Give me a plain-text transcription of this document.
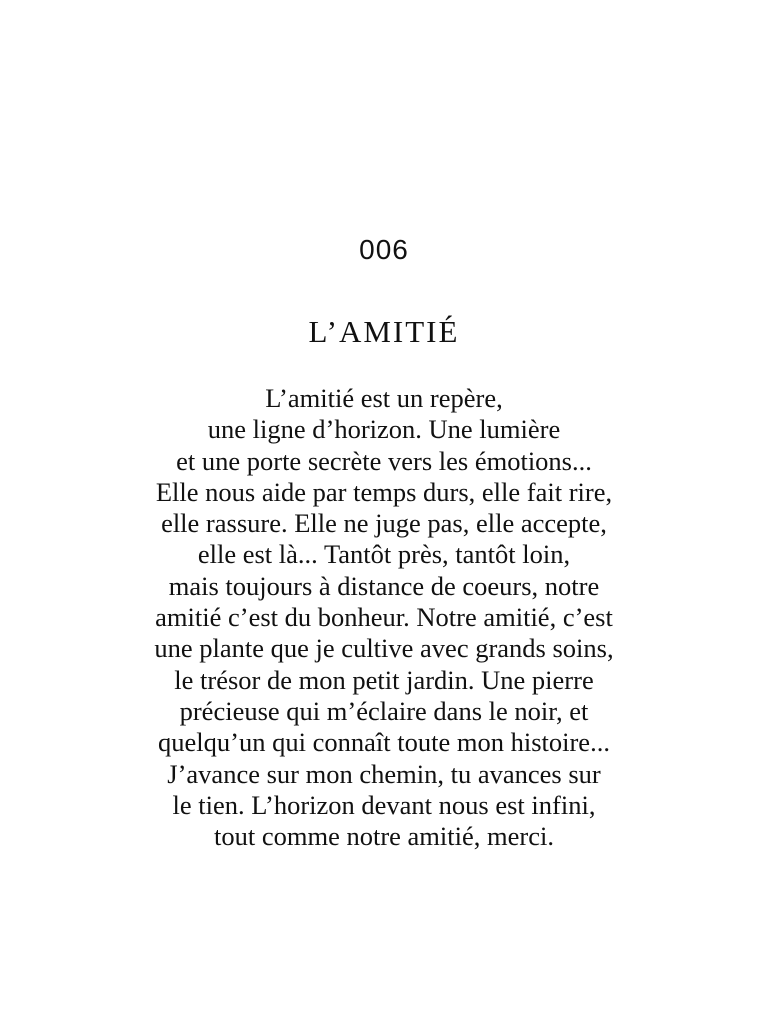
006
L’AMITIÉ
L’amitié est un repère,
une ligne d’horizon. Une lumière
et une porte secrète vers les émotions...
Elle nous aide par temps durs, elle fait rire,
elle rassure. Elle ne juge pas, elle accepte,
elle est là... Tantôt près, tantôt loin,
mais toujours à distance de coeurs, notre
amitié c’est du bonheur. Notre amitié, c’est
une plante que je cultive avec grands soins,
le trésor de mon petit jardin. Une pierre
précieuse qui m’éclaire dans le noir, et
quelqu’un qui connaît toute mon histoire...
J’avance sur mon chemin, tu avances sur
le tien. L’horizon devant nous est infini,
tout comme notre amitié, merci.
